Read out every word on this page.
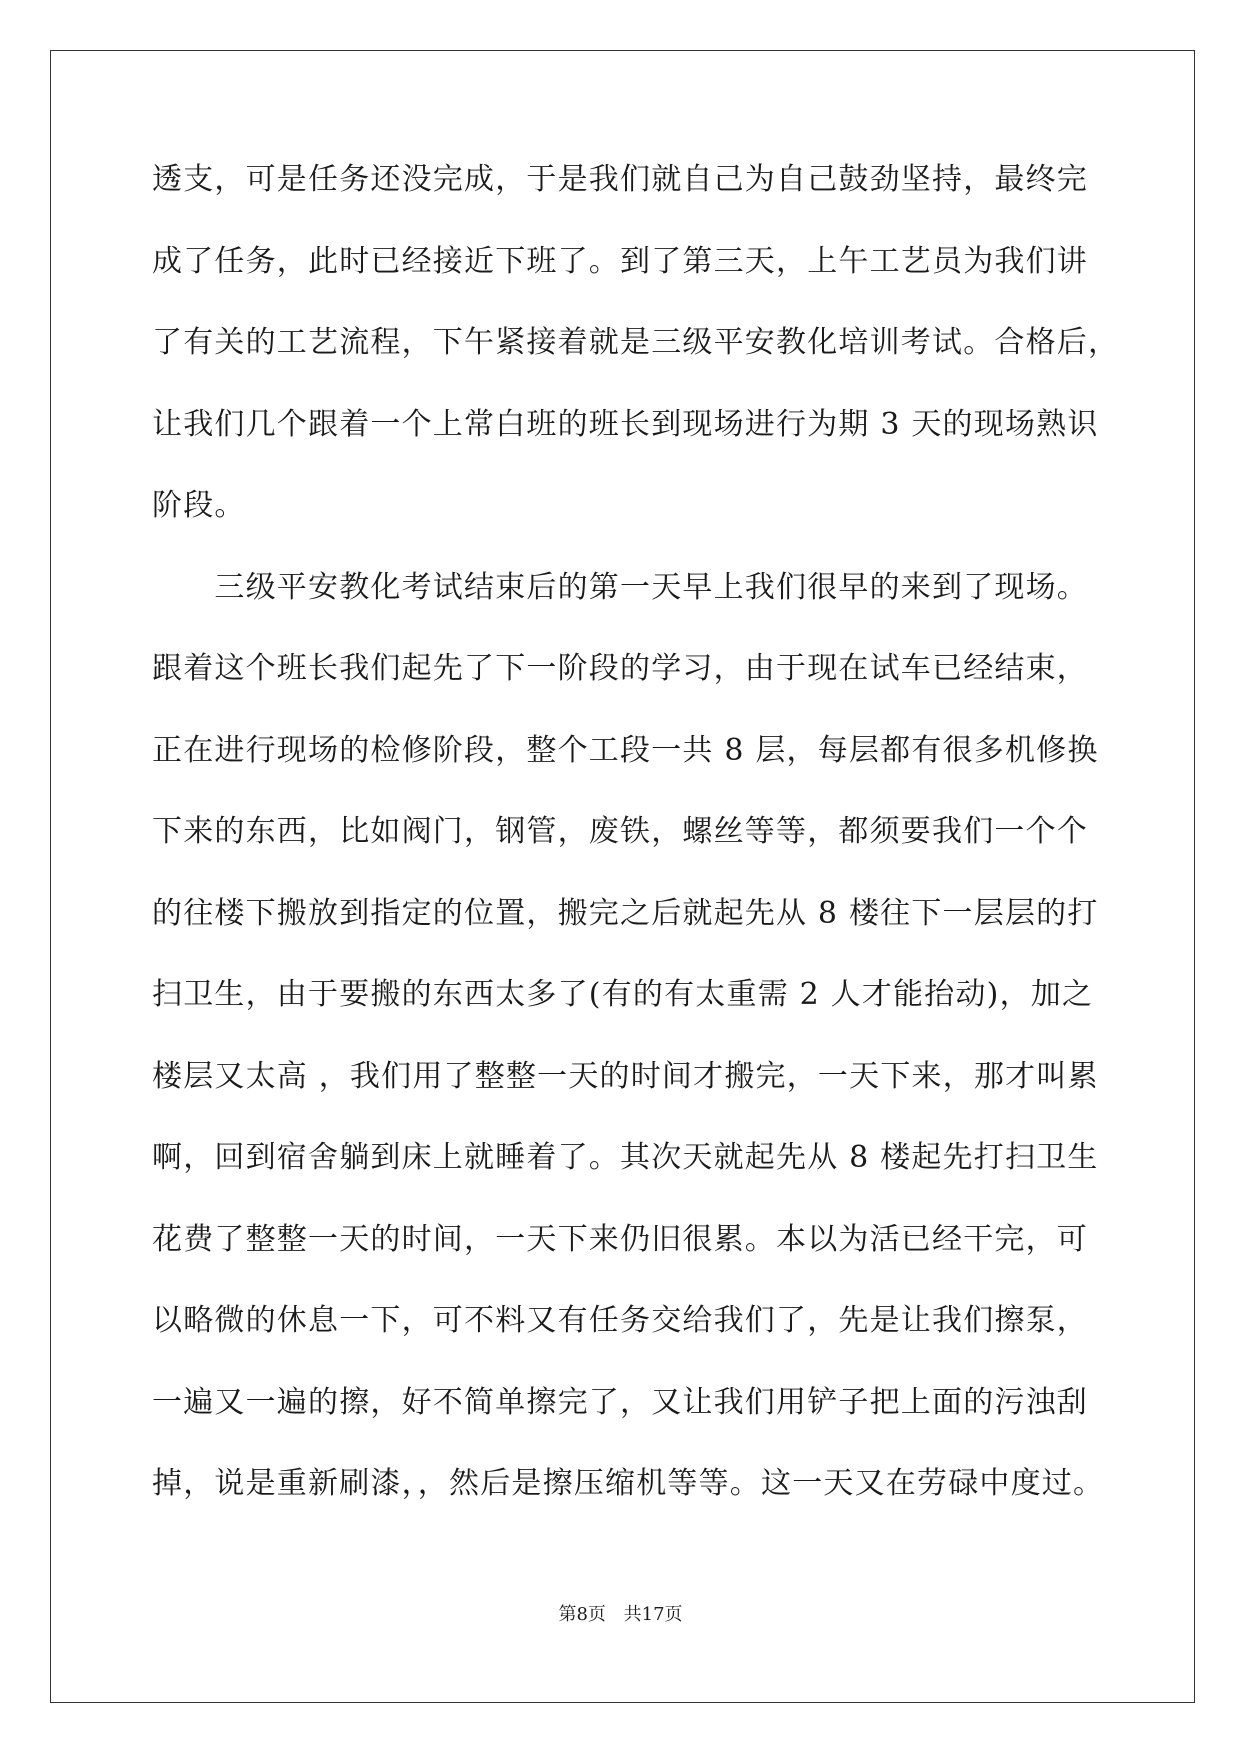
透支，可是任务还没完成，于是我们就自己为自己鼓劲坚持，最终完
成了任务，此时已经接近下班了。到了第三天，上午工艺员为我们讲
了有关的工艺流程，下午紧接着就是三级平安教化培训考试。合格后，
让我们几个跟着一个上常白班的班长到现场进行为期 3 天的现场熟识
阶段。
　　三级平安教化考试结束后的第一天早上我们很早的来到了现场。
跟着这个班长我们起先了下一阶段的学习，由于现在试车已经结束，
正在进行现场的检修阶段，整个工段一共 8 层，每层都有很多机修换
下来的东西，比如阀门，钢管，废铁，螺丝等等，都须要我们一个个
的往楼下搬放到指定的位置，搬完之后就起先从 8 楼往下一层层的打
扫卫生，由于要搬的东西太多了(有的有太重需 2 人才能抬动)，加之
楼层又太高 ，我们用了整整一天的时间才搬完，一天下来，那才叫累
啊，回到宿舍躺到床上就睡着了。其次天就起先从 8 楼起先打扫卫生
花费了整整一天的时间，一天下来仍旧很累。本以为活已经干完，可
以略微的休息一下，可不料又有任务交给我们了，先是让我们擦泵，
一遍又一遍的擦，好不简单擦完了，又让我们用铲子把上面的污浊刮
掉，说是重新刷漆，，然后是擦压缩机等等。这一天又在劳碌中度过。
第8页 共17页
